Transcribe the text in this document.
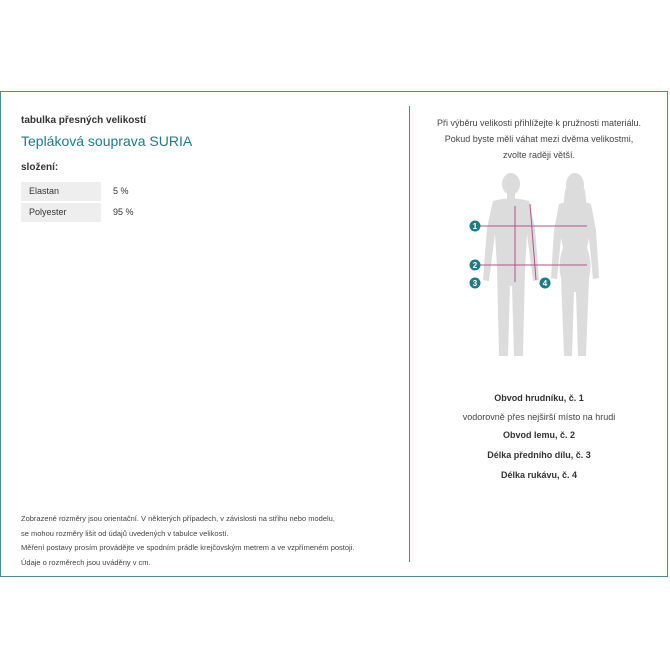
tabulka přesných velikostí
Tepláková souprava SURIA
složení:
Elastan	5 %
Polyester	95 %
Zobrazené rozměry jsou orientační. V některých případech, v závislosti na střihu nebo modelu,
se mohou rozměry lišit od údajů uvedených v tabulce velikostí.
Měření postavy prosím provádějte ve spodním prádle krejčovským metrem a ve vzpřímeném postoji.
Údaje o rozměrech jsou uváděny v cm.
Při výběru velikosti přihlížejte k pružnosti materiálu.
Pokud byste měli váhat mezi dvěma velikostmi,
zvolte raději větší.
1
2
3	4
Obvod hrudníku, č. 1
vodorovně přes nejširší místo na hrudi
Obvod lemu, č. 2
Délka předního dílu, č. 3
Délka rukávu, č. 4
